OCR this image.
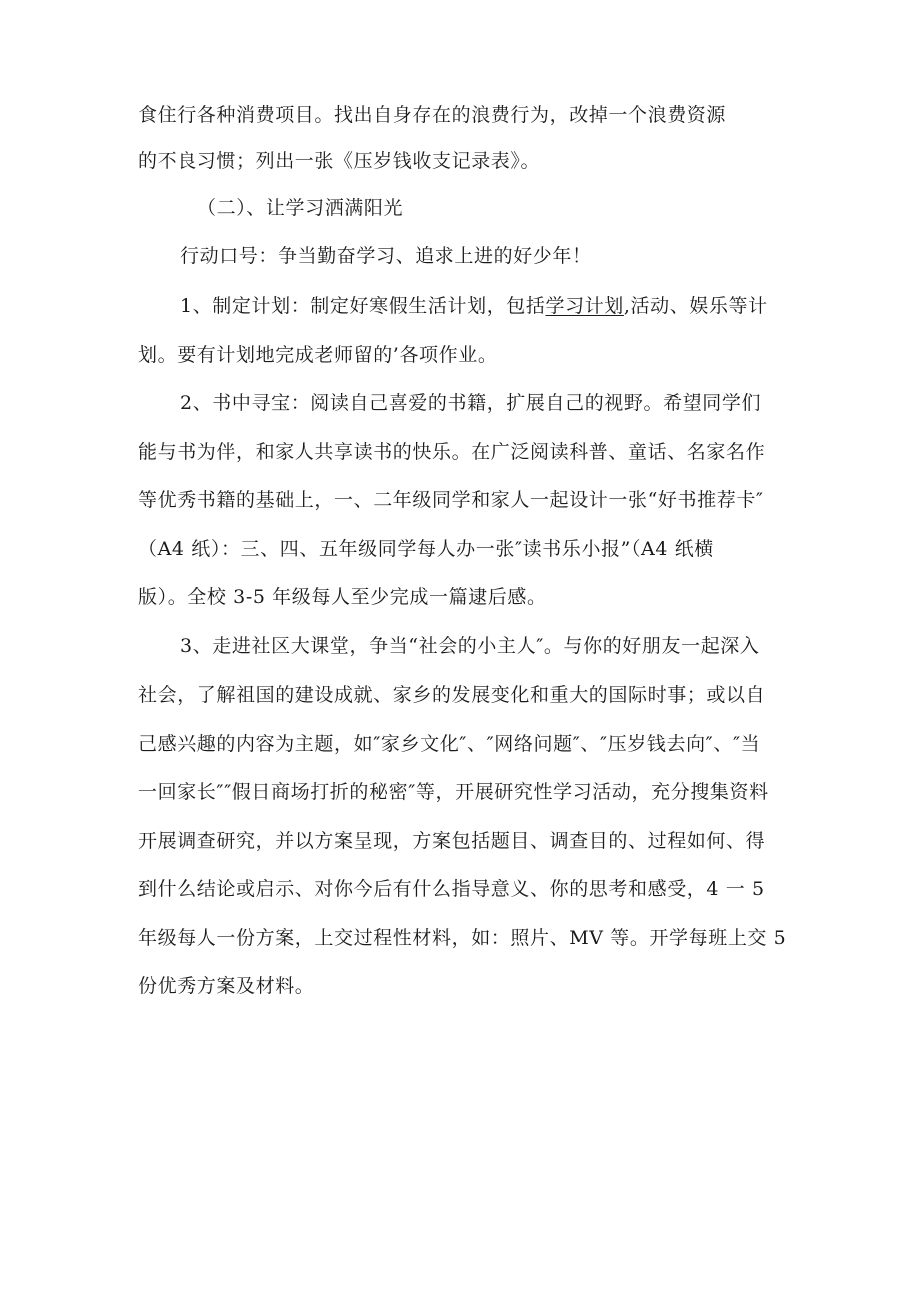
食住行各种消费项目。找出自身存在的浪费行为，改掉一个浪费资源
的不良习惯；列出一张《压岁钱收支记录表》。
（二）、让学习洒满阳光
行动口号：争当勤奋学习、追求上进的好少年！
1、制定计划：制定好寒假生活计划，包括学习计划,活动、娱乐等计
划。要有计划地完成老师留的’各项作业。
2、书中寻宝：阅读自己喜爱的书籍，扩展自己的视野。希望同学们
能与书为伴，和家人共享读书的快乐。在广泛阅读科普、童话、名家名作
等优秀书籍的基础上，一、二年级同学和家人一起设计一张“好书推荐卡″
（A4 纸）：三、四、五年级同学每人办一张″读书乐小报”（A4 纸横
版）。全校 3-5 年级每人至少完成一篇逮后感。
3、走进社区大课堂，争当“社会的小主人″。与你的好朋友一起深入
社会，了解祖国的建设成就、家乡的发展变化和重大的国际时事；或以自
己感兴趣的内容为主题，如″家乡文化″、″网络问题″、″压岁钱去向″、″当
一回家长″″假日商场打折的秘密″等，开展研究性学习活动，充分搜集资料
开展调查研究，并以方案呈现，方案包括题目、调查目的、过程如何、得
到什么结论或启示、对你今后有什么指导意义、你的思考和感受，4 一 5
年级每人一份方案，上交过程性材料，如：照片、MV 等。开学每班上交 5
份优秀方案及材料。
